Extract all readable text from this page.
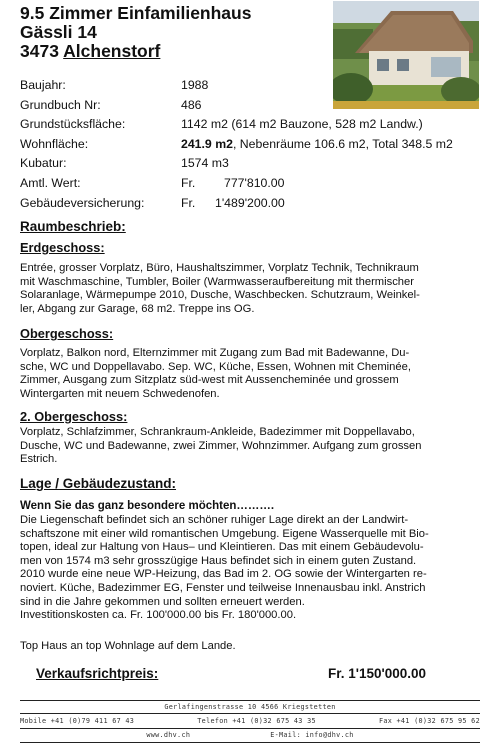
9.5 Zimmer Einfamilienhaus
Gässli 14
3473 Alchenstorf
Baujahr:	1988
Grundbuch Nr:	486
Grundstücksfläche:	1142 m2 (614 m2 Bauzone, 528 m2 Landw.)
Wohnfläche:	241.9 m2, Nebenräume 106.6 m2, Total 348.5 m2
Kubatur:	1574 m3
Amtl. Wert:	Fr. 777'810.00
Gebäudeversicherung:	Fr. 1'489'200.00
Raumbeschrieb:
Erdgeschoss:
Entrée, grosser Vorplatz, Büro, Haushaltszimmer, Vorplatz Technik, Technikraum
mit Waschmaschine, Tumbler, Boiler (Warmwasseraufbereitung mit thermischer
Solaranlage, Wärmepumpe 2010, Dusche, Waschbecken. Schutzraum, Weinkel-
ler, Abgang zur Garage, 68 m2. Treppe ins OG.
Obergeschoss:
Vorplatz, Balkon nord, Elternzimmer mit Zugang zum Bad mit Badewanne, Du-
sche, WC und Doppellavabo. Sep. WC, Küche, Essen, Wohnen mit Cheminée,
Zimmer, Ausgang zum Sitzplatz süd-west mit Aussencheminée und grossem
Wintergarten mit neuem Schwedenofen.
2. Obergeschoss:
Vorplatz, Schlafzimmer, Schrankraum-Ankleide, Badezimmer mit Doppellavabo,
Dusche, WC und Badewanne, zwei Zimmer, Wohnzimmer. Aufgang zum grossen
Estrich.
Lage / Gebäudezustand:
Wenn Sie das ganz besondere möchten……….
Die Liegenschaft befindet sich an schöner ruhiger Lage direkt an der Landwirt-
schaftszone mit einer wild romantischen Umgebung. Eigene Wasserquelle mit Bio-
topen, ideal zur Haltung von Haus– und Kleintieren. Das mit einem Gebäudevolu-
men von 1574 m3 sehr grosszügige Haus befindet sich in einem guten Zustand.
2010 wurde eine neue WP-Heizung, das Bad im 2. OG sowie der Wintergarten re-
noviert. Küche, Badezimmer EG, Fenster und teilweise Innenausbau inkl. Anstrich
sind in die Jahre gekommen und sollten erneuert werden.
Investitionskosten ca. Fr. 100'000.00 bis Fr. 180'000.00.
Top Haus an top Wohnlage auf dem Lande.
Verkaufsrichtpreis:	Fr. 1'150'000.00
Gerlafingenstrasse 10 4566 Kriegstetten
Mobile +41 (0)79 411 67 43	Telefon +41 (0)32 675 43 35	Fax +41 (0)32 675 95 62
www.dhv.ch	E-Mail: info@dhv.ch
